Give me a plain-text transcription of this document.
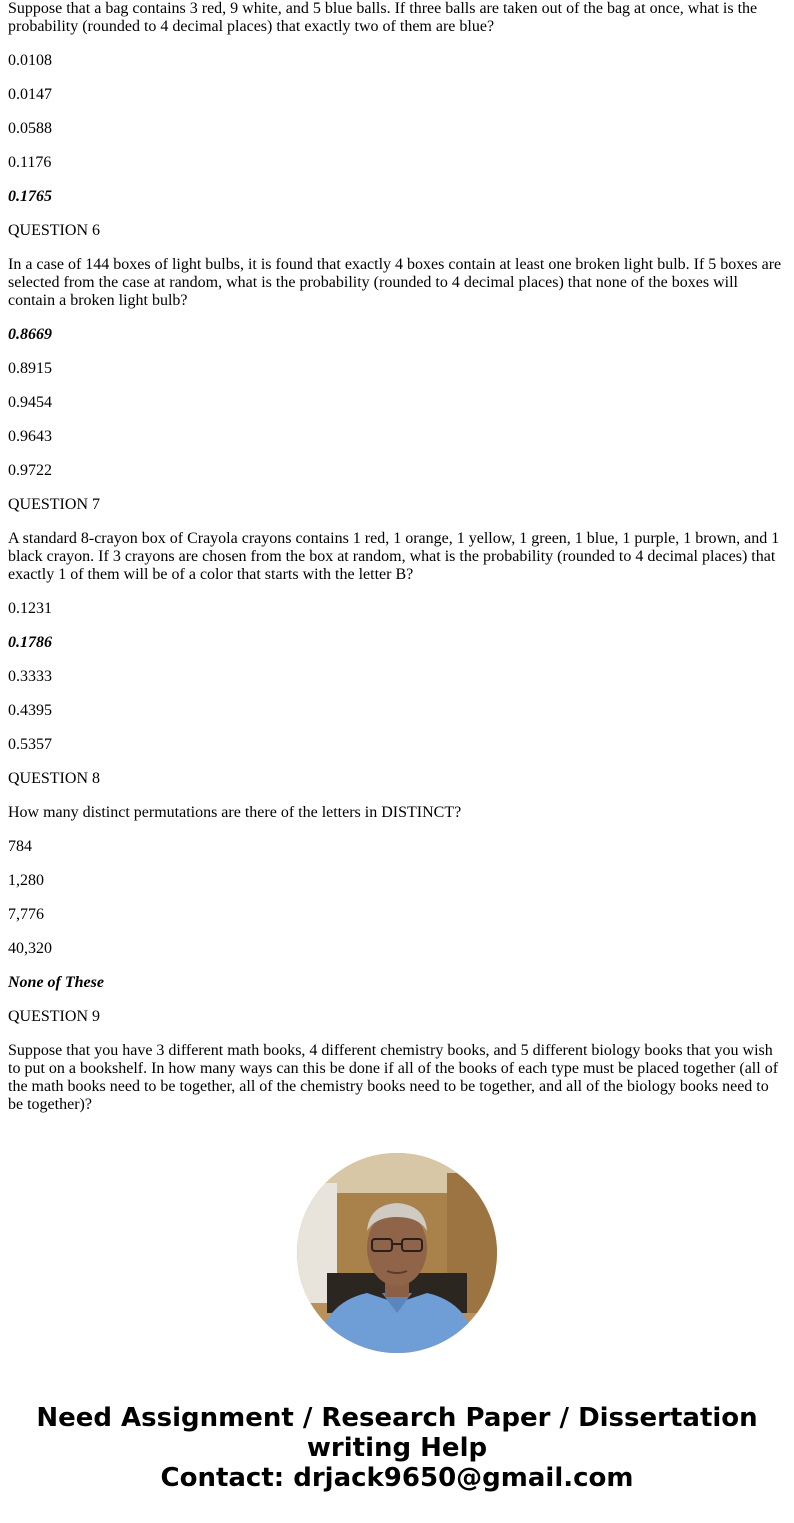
Suppose that a bag contains 3 red, 9 white, and 5 blue balls. If three balls are taken out of the bag at once, what is the probability (rounded to 4 decimal places) that exactly two of them are blue?

0.0108

0.0147

0.0588

0.1176

0.1765

QUESTION 6

In a case of 144 boxes of light bulbs, it is found that exactly 4 boxes contain at least one broken light bulb. If 5 boxes are selected from the case at random, what is the probability (rounded to 4 decimal places) that none of the boxes will contain a broken light bulb?

0.8669

0.8915

0.9454

0.9643

0.9722

QUESTION 7

A standard 8-crayon box of Crayola crayons contains 1 red, 1 orange, 1 yellow, 1 green, 1 blue, 1 purple, 1 brown, and 1 black crayon. If 3 crayons are chosen from the box at random, what is the probability (rounded to 4 decimal places) that exactly 1 of them will be of a color that starts with the letter B?

0.1231

0.1786

0.3333

0.4395

0.5357

QUESTION 8

How many distinct permutations are there of the letters in DISTINCT?

784

1,280

7,776

40,320

None of These

QUESTION 9

Suppose that you have 3 different math books, 4 different chemistry books, and 5 different biology books that you wish to put on a bookshelf. In how many ways can this be done if all of the books of each type must be placed together (all of the math books need to be together, all of the chemistry books need to be together, and all of the biology books need to be together)?

Need Assignment / Research Paper / Dissertation writing Help
Contact: drjack9650@gmail.com
